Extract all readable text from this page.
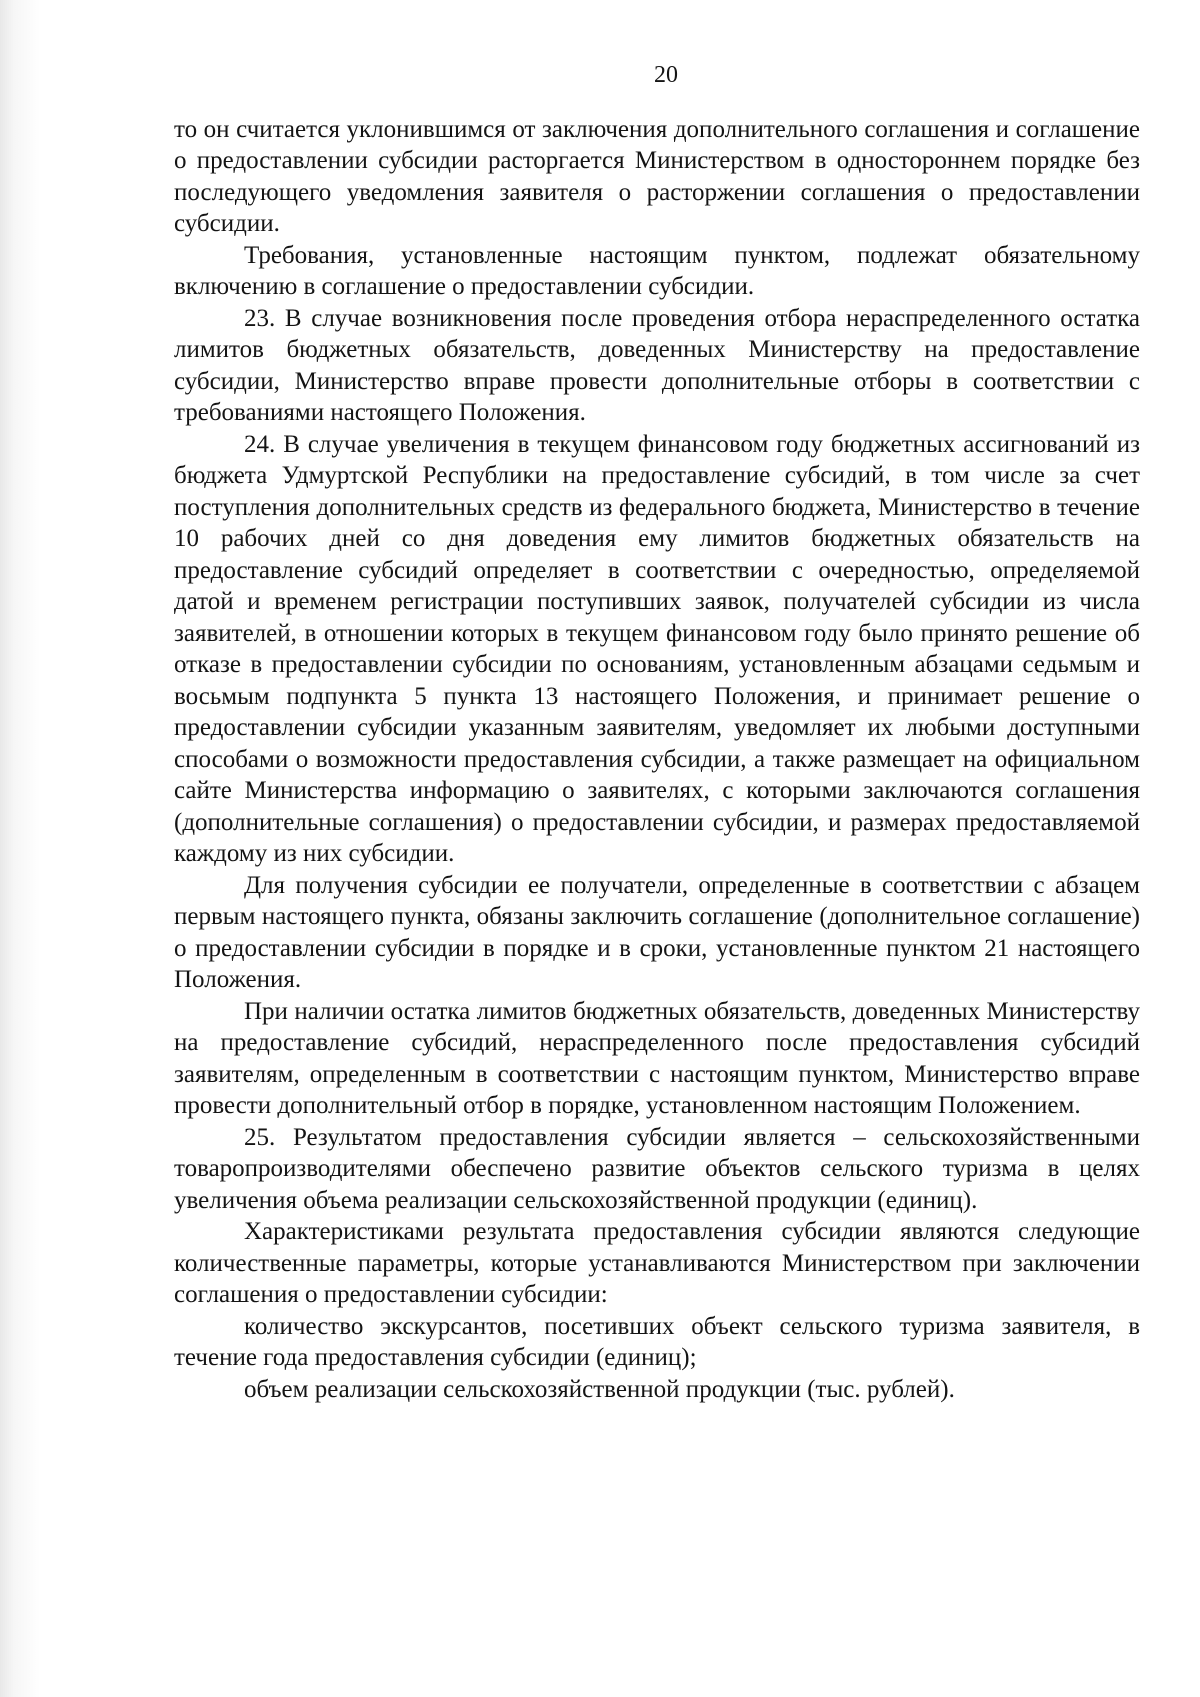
20

то он считается уклонившимся от заключения дополнительного соглашения и соглашение о предоставлении субсидии расторгается Министерством в одностороннем порядке без последующего уведомления заявителя о расторжении соглашения о предоставлении субсидии.

Требования, установленные настоящим пунктом, подлежат обязательному включению в соглашение о предоставлении субсидии.

23. В случае возникновения после проведения отбора нераспределенного остатка лимитов бюджетных обязательств, доведенных Министерству на предоставление субсидии, Министерство вправе провести дополнительные отборы в соответствии с требованиями настоящего Положения.

24. В случае увеличения в текущем финансовом году бюджетных ассигнований из бюджета Удмуртской Республики на предоставление субсидий, в том числе за счет поступления дополнительных средств из федерального бюджета, Министерство в течение 10 рабочих дней со дня доведения ему лимитов бюджетных обязательств на предоставление субсидий определяет в соответствии с очередностью, определяемой датой и временем регистрации поступивших заявок, получателей субсидии из числа заявителей, в отношении которых в текущем финансовом году было принято решение об отказе в предоставлении субсидии по основаниям, установленным абзацами седьмым и восьмым подпункта 5 пункта 13 настоящего Положения, и принимает решение о предоставлении субсидии указанным заявителям, уведомляет их любыми доступными способами о возможности предоставления субсидии, а также размещает на официальном сайте Министерства информацию о заявителях, с которыми заключаются соглашения (дополнительные соглашения) о предоставлении субсидии, и размерах предоставляемой каждому из них субсидии.

Для получения субсидии ее получатели, определенные в соответствии с абзацем первым настоящего пункта, обязаны заключить соглашение (дополнительное соглашение) о предоставлении субсидии в порядке и в сроки, установленные пунктом 21 настоящего Положения.

При наличии остатка лимитов бюджетных обязательств, доведенных Министерству на предоставление субсидий, нераспределенного после предоставления субсидий заявителям, определенным в соответствии с настоящим пунктом, Министерство вправе провести дополнительный отбор в порядке, установленном настоящим Положением.

25. Результатом предоставления субсидии является – сельскохозяйственными товаропроизводителями обеспечено развитие объектов сельского туризма в целях увеличения объема реализации сельскохозяйственной продукции (единиц).

Характеристиками результата предоставления субсидии являются следующие количественные параметры, которые устанавливаются Министерством при заключении соглашения о предоставлении субсидии:

количество экскурсантов, посетивших объект сельского туризма заявителя, в течение года предоставления субсидии (единиц);

объем реализации сельскохозяйственной продукции (тыс. рублей).
